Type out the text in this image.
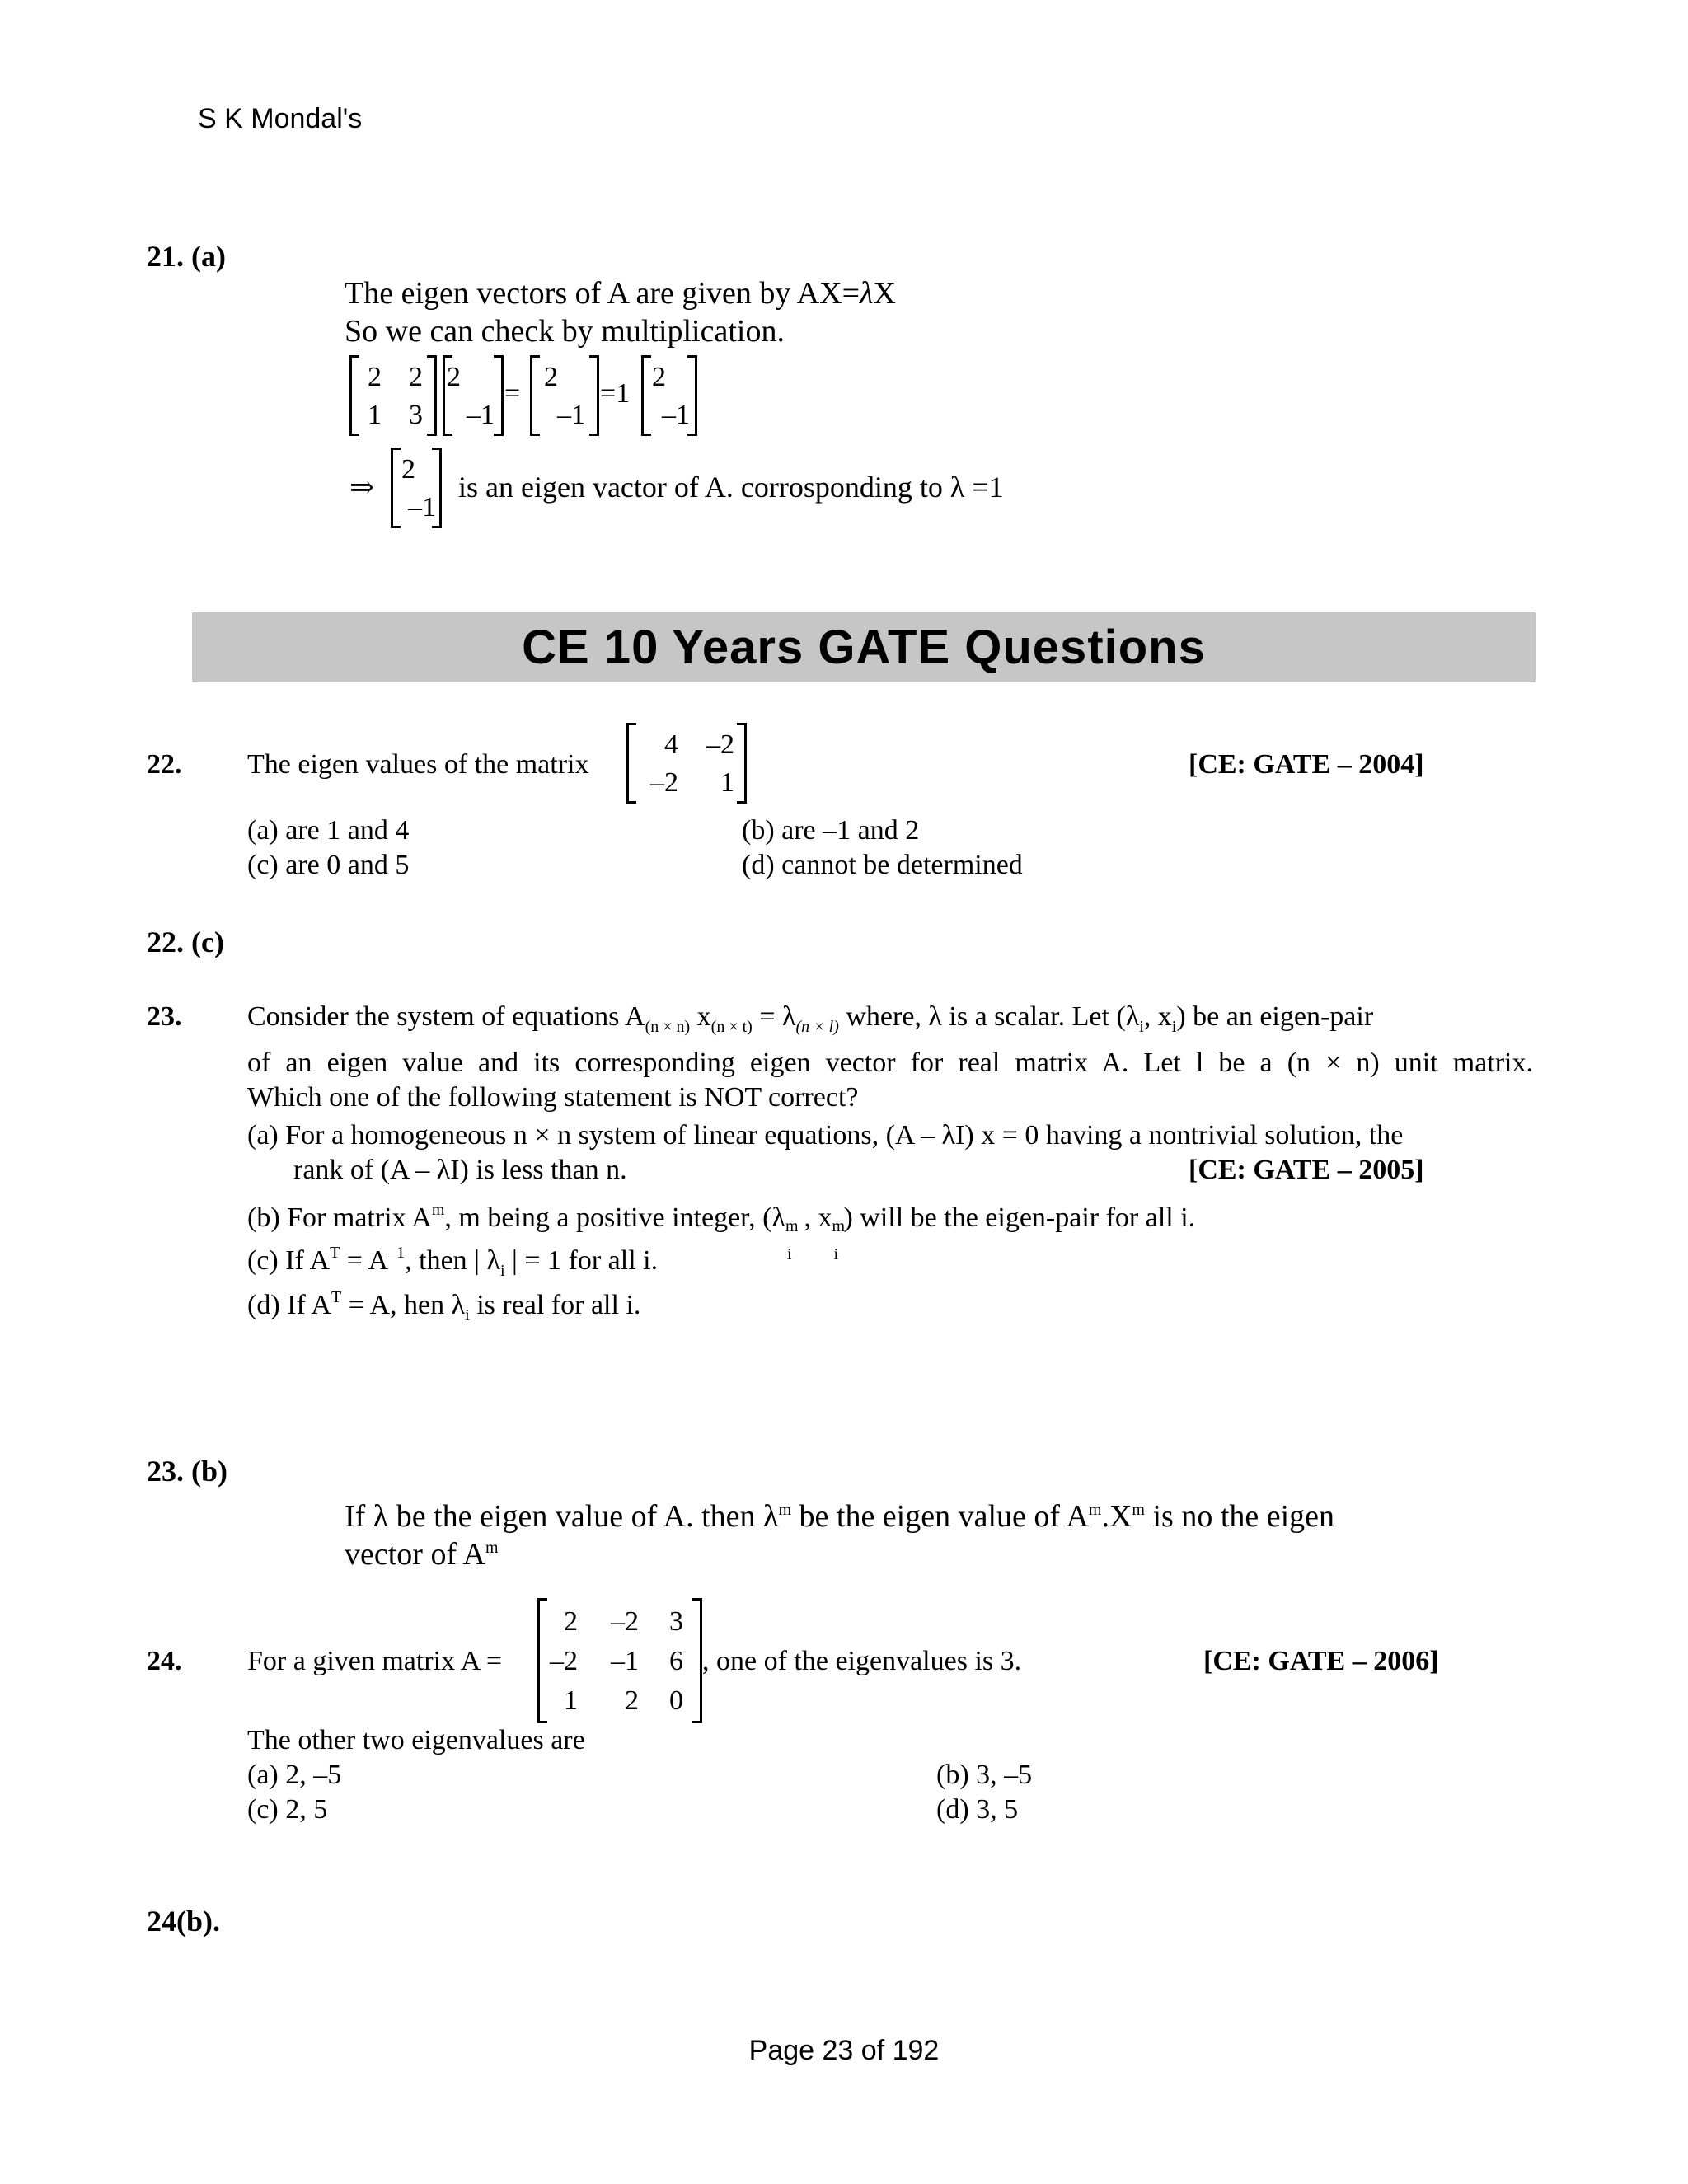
S K Mondal's
21. (a)
The eigen vectors of A are given by AX=λX
So we can check by multiplication.
2 2
1 3
2
–1
=
2
–1
=1
2
–1
⇒
2
–1
is an eigen vactor of A. corrosponding to λ =1
CE 10 Years GATE Questions
22. The eigen values of the matrix
4	–2
–2	1
[CE: GATE – 2004]
(a) are 1 and 4	(b) are –1 and 2
(c) are 0 and 5	(d) cannot be determined
22. (c)
23. Consider the system of equations $A_{(n \times n)}$ $x_{(n \times t)} = \lambda_{(n \times l)}$ where, λ is a scalar. Let ($\lambda_i$, $x_i$) be an eigen-pair
of an eigen value and its corresponding eigen vector for real matrix A. Let l be a (n × n) unit matrix.
Which one of the following statement is NOT correct?
(a) For a homogeneous n × n system of linear equations, (A – λI) x = 0 having a nontrivial solution, the
rank of (A – λI) is less than n.	[CE: GATE – 2005]
(b) For matrix $A^m$, m being a positive integer, (λ m
i
, x m
i
) will be the eigen-pair for all i.
(c) If $A^T = A^{-1}$, then | $\lambda_i$ | = 1 for all i.
(d) If $A^T = A$, hen $\lambda_i$ is real for all i.
23. (b)
If λ be the eigen value of A. then $\lambda^m$ be the eigen value of $A^m.X^m$ is no the eigen
vector of $A^m$
24. For a given matrix A =
2	–2	3
–2	–1	6
1	2	0
, one of the eigenvalues is 3.	[CE: GATE – 2006]
The other two eigenvalues are
(a) 2, –5	(b) 3, –5
(c) 2, 5	(d) 3, 5
24(b).
Page 23 of 192
